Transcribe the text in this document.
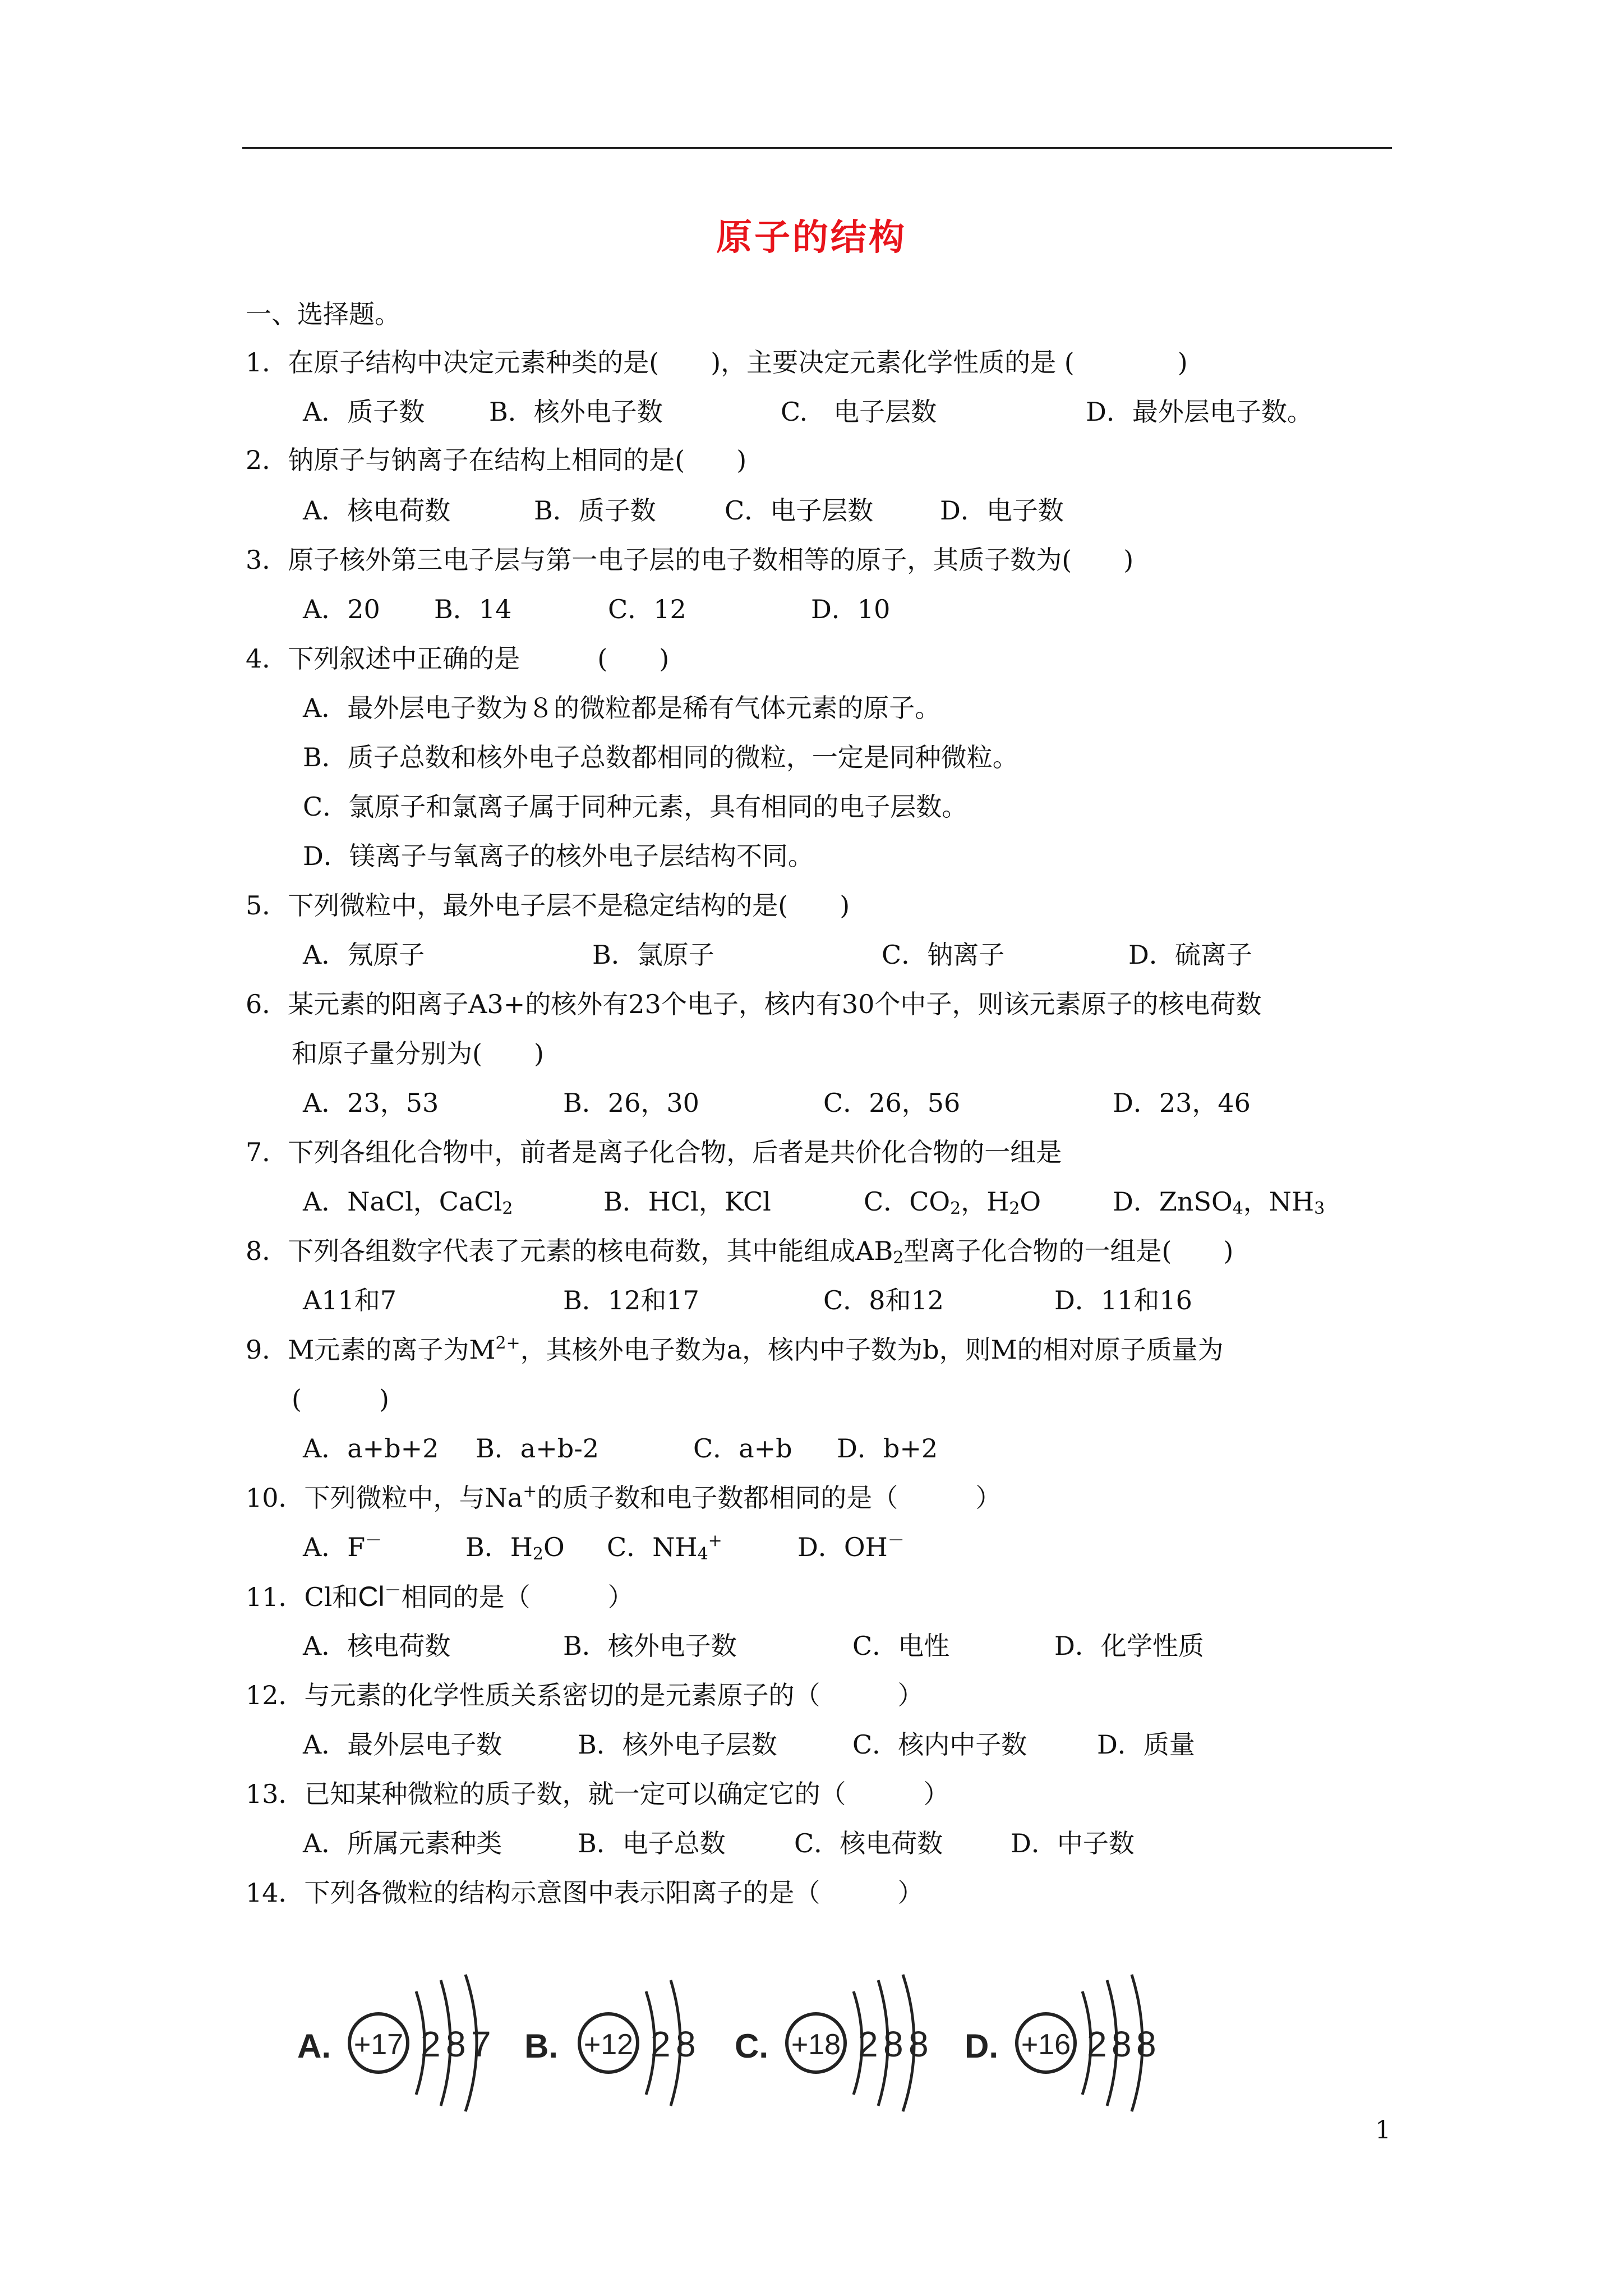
原子的结构
一、选择题。
1．在原子结构中决定元素种类的是(　　)，主要决定元素化学性质的是 (　　　　)
A．质子数 B．核外电子数	C.　电子层数	D．最外层电子数。
2．钠原子与钠离子在结构上相同的是(　　)
A．核电荷数	B．质子数	C．电子层数	D．电子数
3．原子核外第三电子层与第一电子层的电子数相等的原子，其质子数为(　　)
A．20 B．14	C．12	D．10
4．下列叙述中正确的是　　　(　　)
A．最外层电子数为８的微粒都是稀有气体元素的原子。
B．质子总数和核外电子总数都相同的微粒，一定是同种微粒。
C．氯原子和氯离子属于同种元素，具有相同的电子层数。
D．镁离子与氧离子的核外电子层结构不同。
5．下列微粒中，最外电子层不是稳定结构的是(　　)
A．氖原子	B．氯原子	C．钠离子	D．硫离子
6．某元素的阳离子A3+的核外有23个电子，核内有30个中子，则该元素原子的核电荷数
和原子量分别为(　　)
A．23，53	B．26，30	C．26，56	D．23，46
7．下列各组化合物中，前者是离子化合物，后者是共价化合物的一组是
A．NaCl，CaCl$_2$	B．HCl，KCl	C．$CO_2$，$H_2O$	D．ZnSO$_4$，$NH_3$
8．下列各组数字代表了元素的核电荷数，其中能组成$AB_2$型离子化合物的一组是(　　)
A11和7	B．12和17	C．8和12	D．11和16
9．M元素的离子为$M^{2+}$，其核外电子数为a，核内中子数为b，则M的相对原子质量为
(　　　)
A．a+b+2 B．a+b-2	C．a+b D．b+2
10．下列微粒中，与Na+的质子数和电子数都相同的是（　　　）
A．F－	B．$H_2O$ C．$NH_4^+$	D．OH－
11．Cl和Cl－相同的是（　　　）
A．核电荷数	B．核外电子数	C．电性	D．化学性质
12．与元素的化学性质关系密切的是元素原子的（　　　）
A．最外层电子数	B．核外电子层数	C．核内中子数	D．质量
13．已知某种微粒的质子数，就一定可以确定它的（　　　）
A．所属元素种类	B．电子总数	C．核电荷数	D．中子数
14．下列各微粒的结构示意图中表示阳离子的是（　　　）
A. +17 2 8 7 B. +12 2 8 C. +18 2 8 8 D. +16 2 8 8
1
